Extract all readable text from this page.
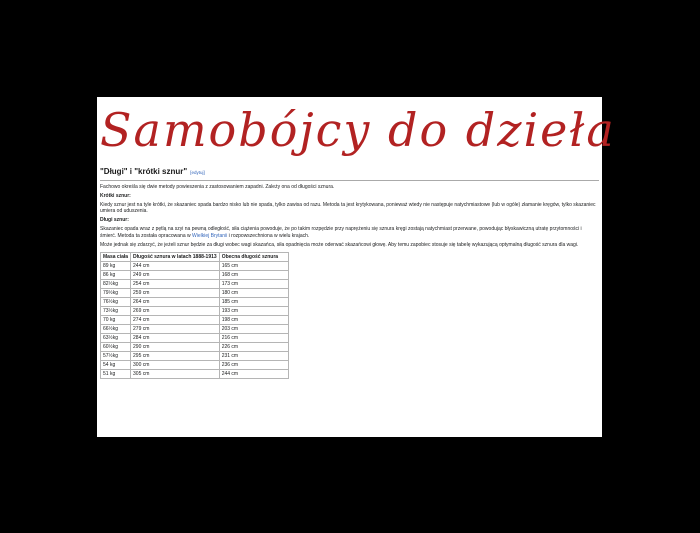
Samobójcy do dzieła
"Długi" i "krótki sznur" [edytuj]

Fachowo określa się dwie metody powieszenia z zastosowaniem zapadni. Zależy ona od długości sznura.

Krótki sznur:

Kiedy sznur jest na tyle krótki, że skazaniec spada bardzo nisko lub nie spada, tylko zawisa od razu. Metoda ta jest krytykowana, ponieważ wtedy nie następuje natychmiastowe (lub w ogóle) złamanie kręgów, tylko skazaniec umiera od uduszenia.

Długi sznur:

Skazaniec opada wraz z pętlą na szyi na pewną odległość, siła ciążenia powoduje, że po takim rozpędzie przy naprężeniu się sznura kręgi zostają natychmiast przerwane, powodując błyskawiczną utratę przytomności i śmierć. Metoda ta została opracowana w Wielkiej Brytanii i rozpowszechniona w wielu krajach.

Może jednak się zdarzyć, że jeżeli sznur będzie za długi wobec wagi skazańca, siła opadnięcia może oderwać skazańcowi głowę. Aby temu zapobiec stosuje się tabelę wykazującą optymalną długość sznura dla wagi.

Masa ciała	Długość sznura w latach 1888-1913	Obecna długość sznura
89 kg	244 cm	165 cm
86 kg	249 cm	168 cm
82½kg	254 cm	173 cm
79½kg	259 cm	180 cm
76½kg	264 cm	185 cm
73½kg	269 cm	193 cm
70 kg	274 cm	198 cm
66½kg	279 cm	203 cm
63½kg	284 cm	216 cm
60½kg	290 cm	226 cm
57½kg	295 cm	231 cm
54 kg	300 cm	236 cm
51 kg	305 cm	244 cm
